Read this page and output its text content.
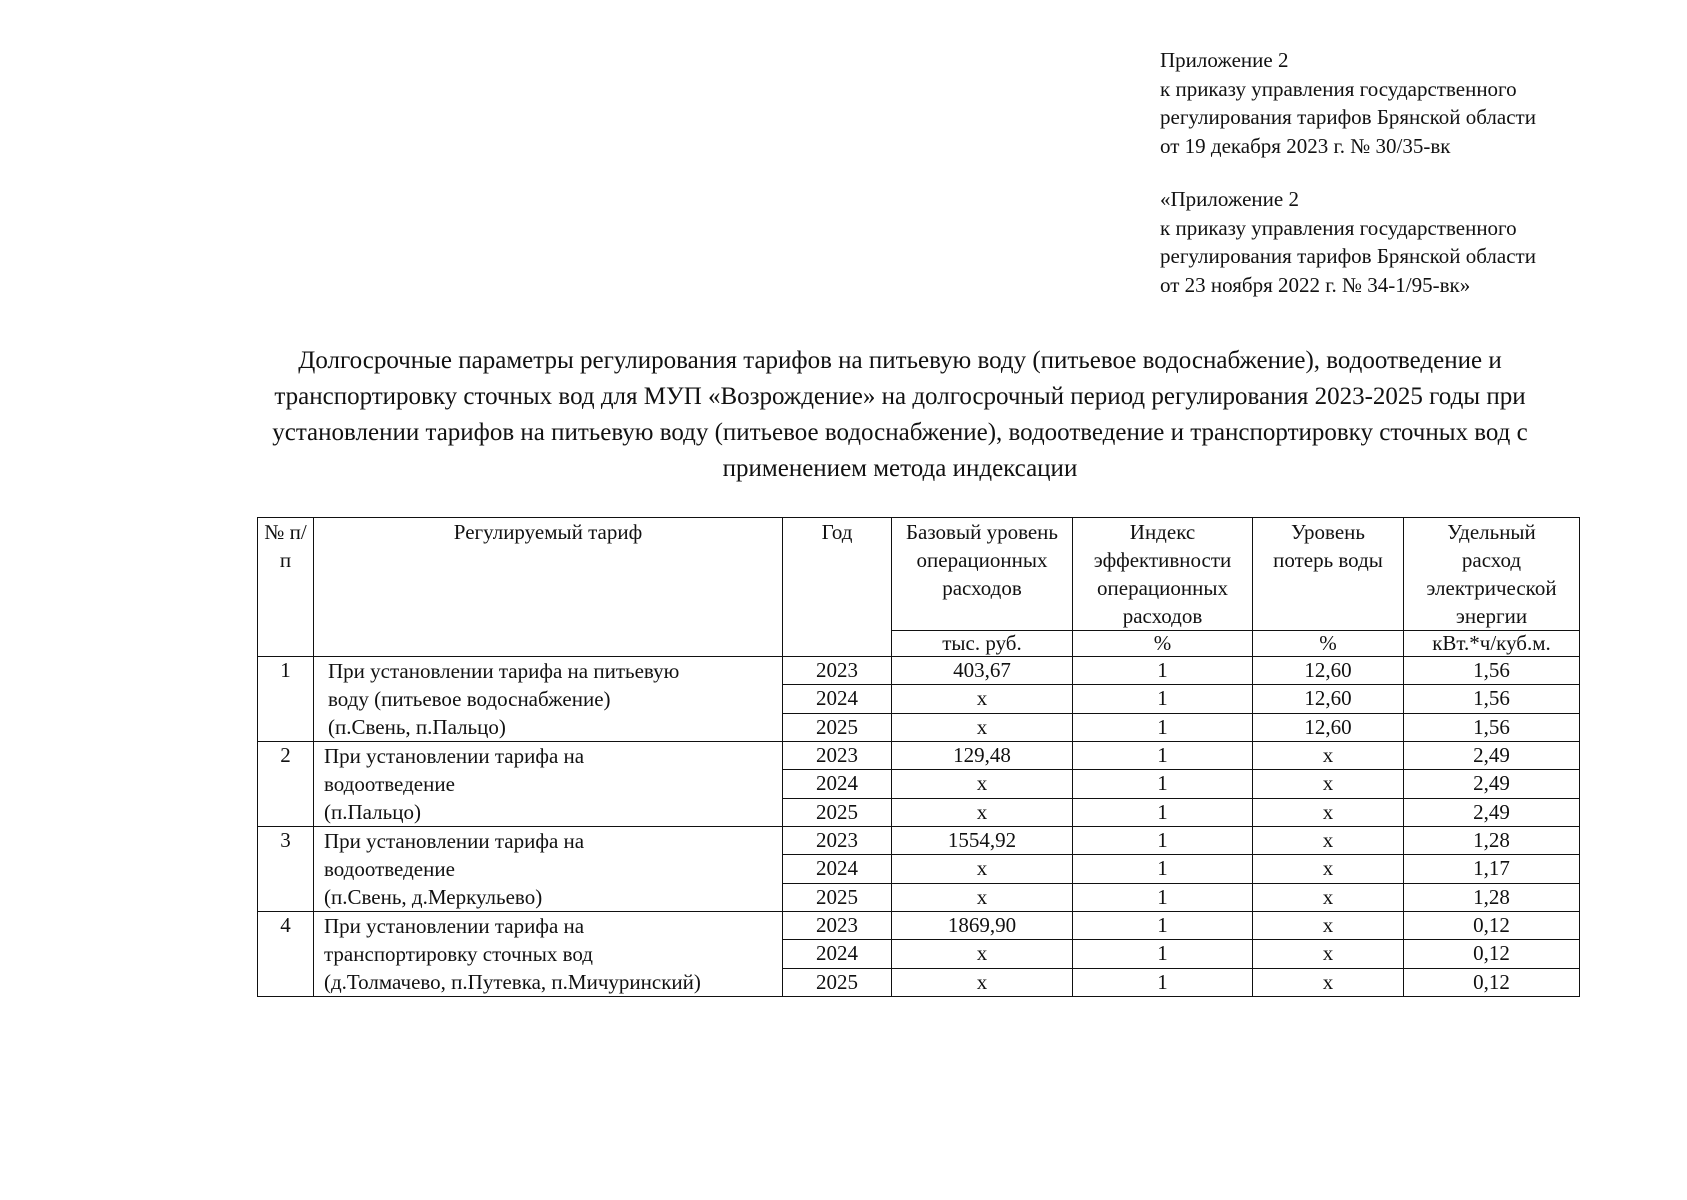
Приложение 2
к приказу управления государственного
регулирования тарифов Брянской области
от 19 декабря 2023 г. № 30/35-вк
«Приложение 2
к приказу управления государственного
регулирования тарифов Брянской области
от 23 ноября 2022 г. № 34-1/95-вк»
Долгосрочные параметры регулирования тарифов на питьевую воду (питьевое водоснабжение), водоотведение и
транспортировку сточных вод для МУП «Возрождение» на долгосрочный период регулирования 2023-2025 годы при
установлении тарифов на питьевую воду (питьевое водоснабжение), водоотведение и транспортировку сточных вод с
применением метода индексации
№ п/п	Регулируемый тариф	Год	Базовый уровень операционных расходов	Индекс эффективности операционных расходов	Уровень потерь воды	Удельный расход электрической энергии
			тыс. руб.	%	%	кВт.*ч/куб.м.
1	При установлении тарифа на питьевую
воду (питьевое водоснабжение)
(п.Свень, п.Пальцо)	2023	403,67	1	12,60	1,56
		2024	х	1	12,60	1,56
		2025	х	1	12,60	1,56
2	При установлении тарифа на
водоотведение
(п.Пальцо)	2023	129,48	1	х	2,49
		2024	х	1	х	2,49
		2025	х	1	х	2,49
3	При установлении тарифа на
водоотведение
(п.Свень, д.Меркульево)	2023	1554,92	1	х	1,28
		2024	х	1	х	1,17
		2025	х	1	х	1,28
4	При установлении тарифа на
транспортировку сточных вод
(д.Толмачево, п.Путевка, п.Мичуринский)	2023	1869,90	1	х	0,12
		2024	х	1	х	0,12
		2025	х	1	х	0,12
